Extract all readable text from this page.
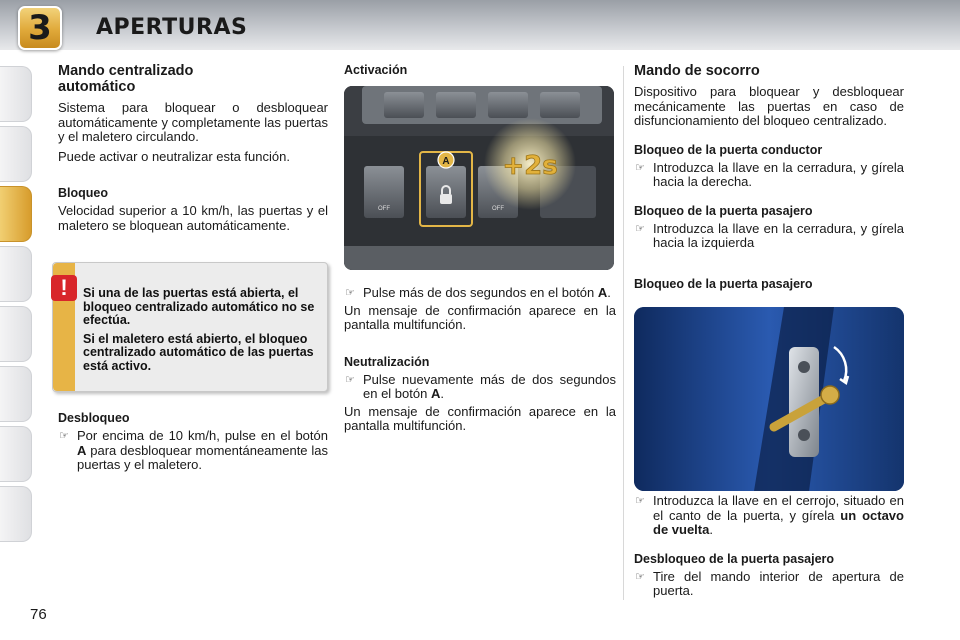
3	APERTURAS
Mando centralizado automático
Sistema para bloquear o desbloquear automáticamente y completamente las puertas y el maletero circulando.
Puede activar o neutralizar esta función.
Bloqueo
Velocidad superior a 10 km/h, las puertas y el maletero se bloquean automáticamente.
!	Si una de las puertas está abierta, el bloqueo centralizado automático no se efectúa.
Si el maletero está abierto, el bloqueo centralizado automático de las puertas está activo.
Desbloqueo
☞ Por encima de 10 km/h, pulse en el botón A para desbloquear momentáneamente las puertas y el maletero.
Activación
A +2s
OFF	OFF
☞ Pulse más de dos segundos en el botón A.
Un mensaje de confirmación aparece en la pantalla multifunción.
Neutralización
☞ Pulse nuevamente más de dos segundos en el botón A.
Un mensaje de confirmación aparece en la pantalla multifunción.
Mando de socorro
Dispositivo para bloquear y desbloquear mecánicamente las puertas en caso de disfuncionamiento del bloqueo centralizado.
Bloqueo de la puerta conductor
☞ Introduzca la llave en la cerradura, y gírela hacia la derecha.
Bloqueo de la puerta pasajero
☞ Introduzca la llave en la cerradura, y gírela hacia la izquierda
Bloqueo de la puerta pasajero
☞ Introduzca la llave en el cerrojo, situado en el canto de la puerta, y gírela un octavo de vuelta.
Desbloqueo de la puerta pasajero
☞ Tire del mando interior de apertura de puerta.
76
